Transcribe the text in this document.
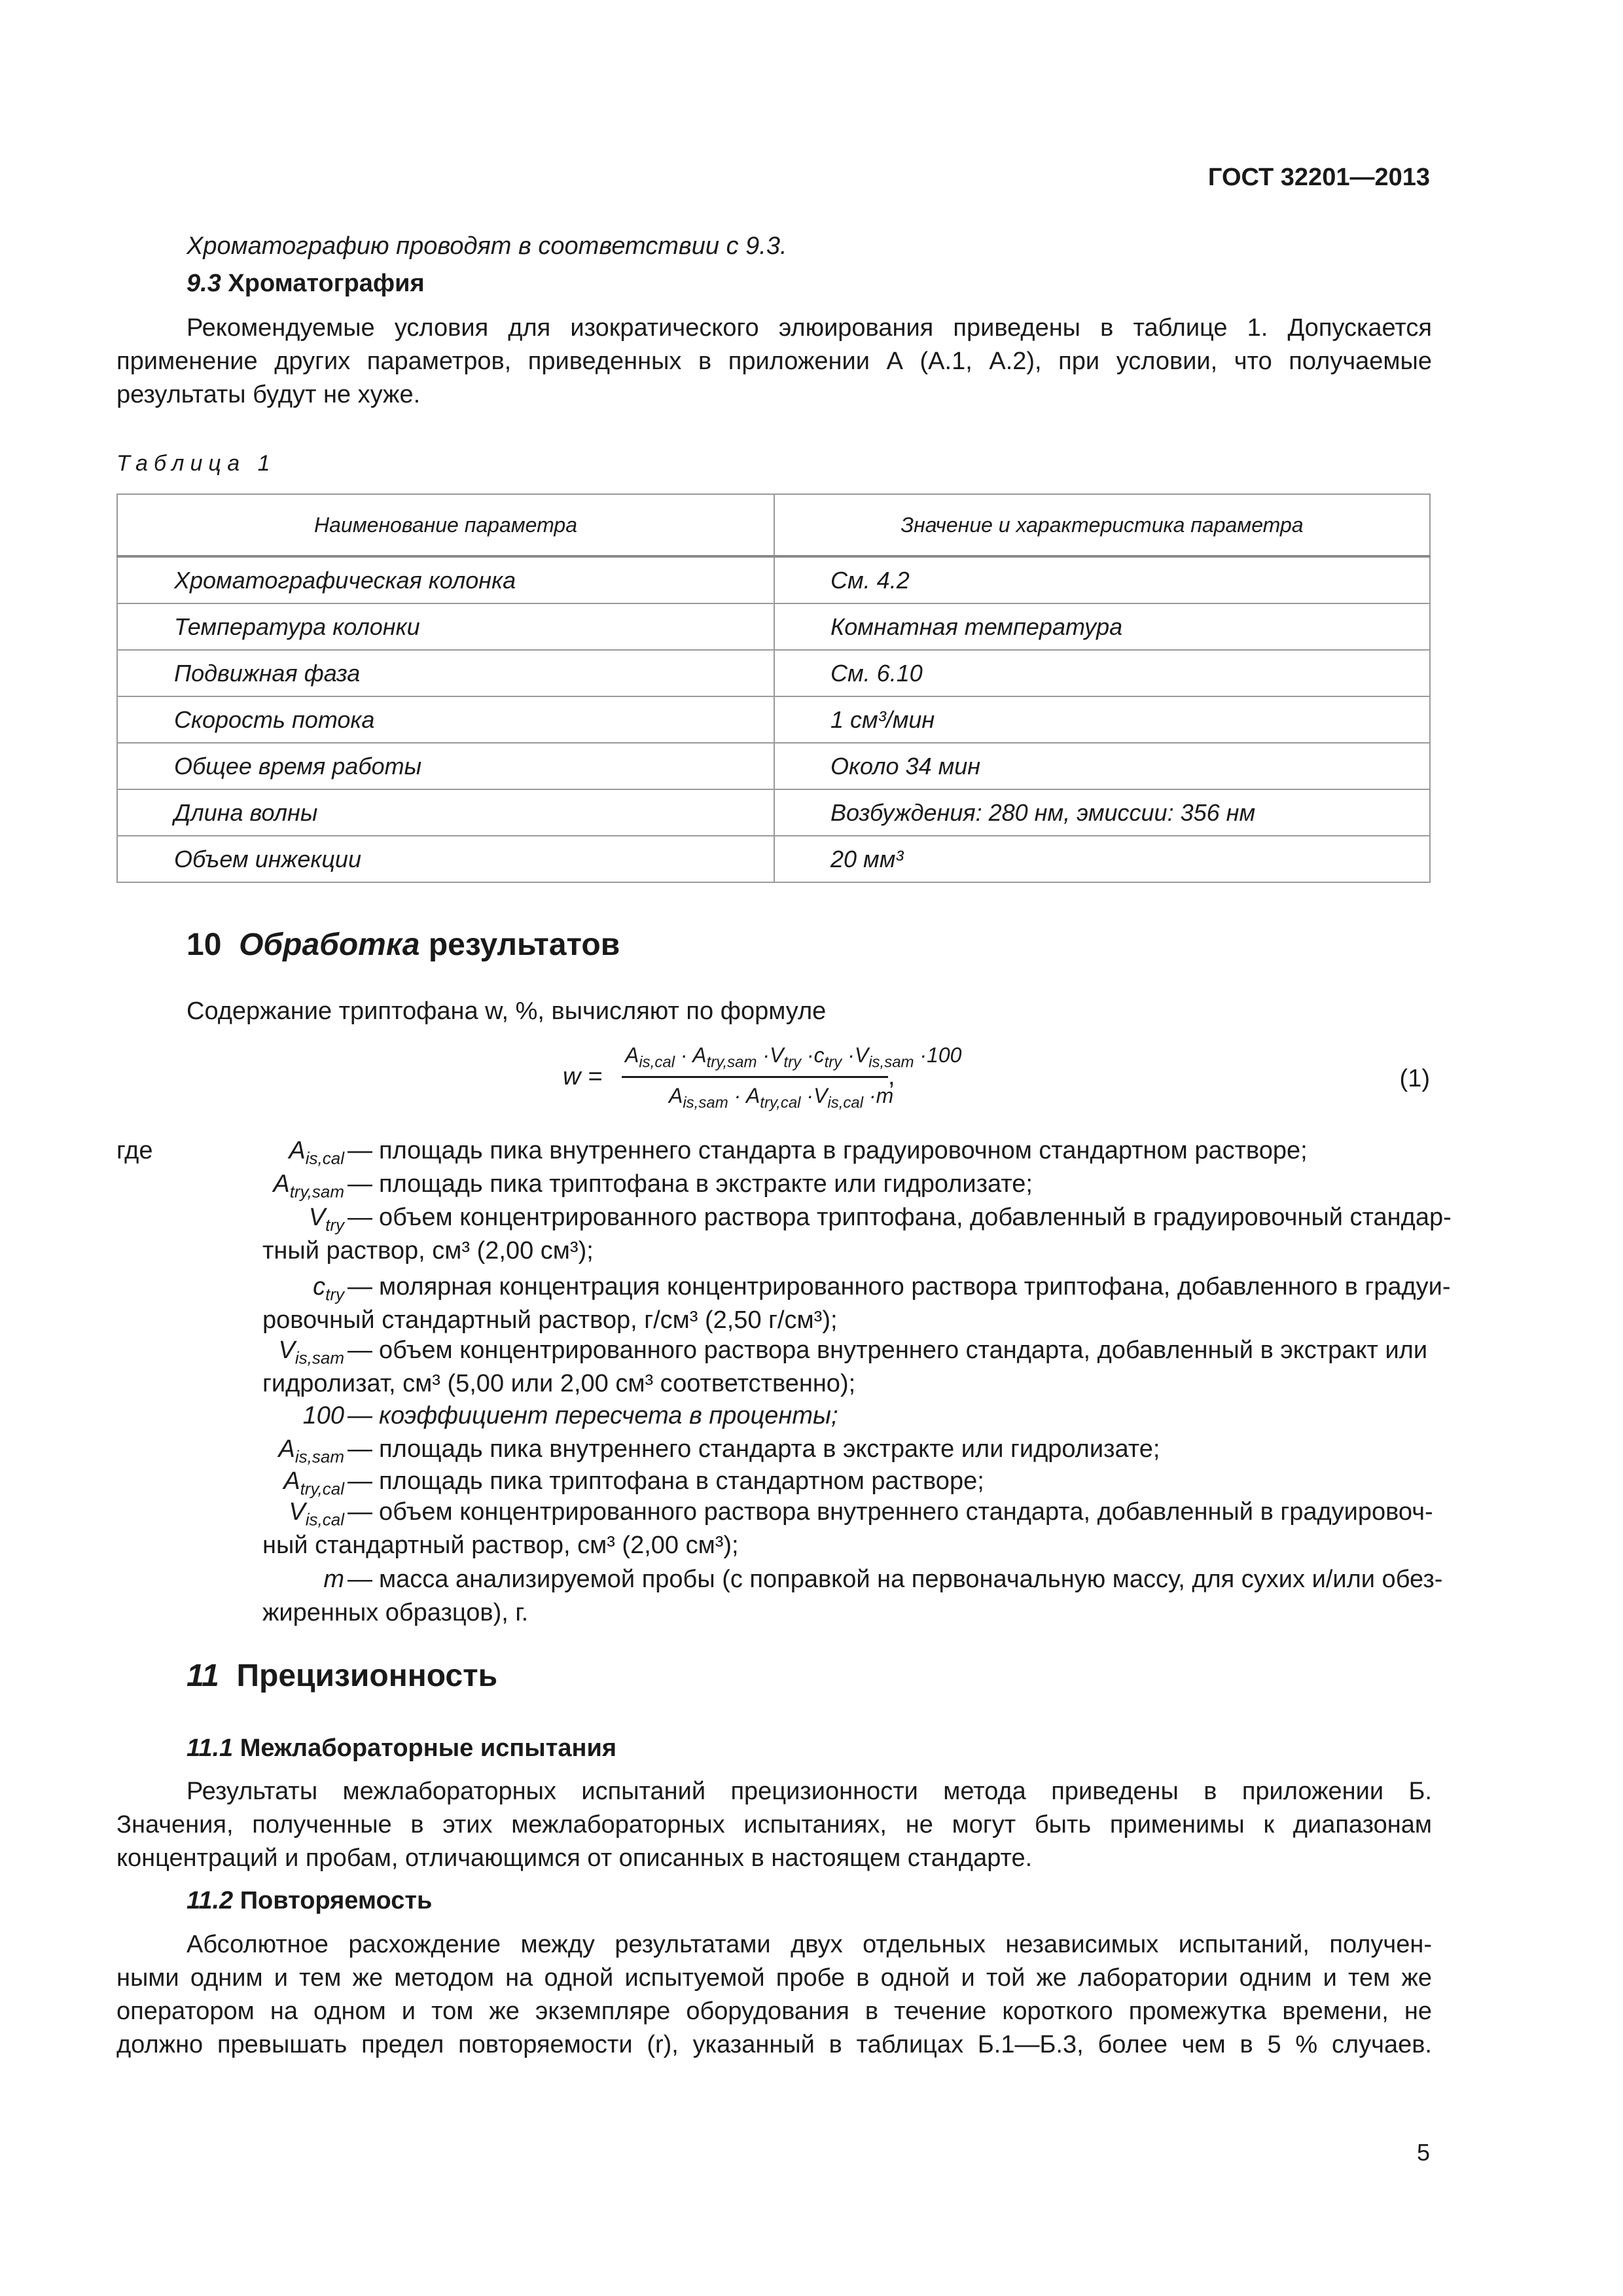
ГОСТ 32201—2013
Хроматографию проводят в соответствии с 9.3.
9.3 Хроматография
Рекомендуемые условия для изократического элюирования приведены в таблице 1. Допускается
применение других параметров, приведенных в приложении А (А.1, А.2), при условии, что получаемые
результаты будут не хуже.
Таблица 1
Наименование параметра	Значение и характеристика параметра
Хроматографическая колонка	См. 4.2
Температура колонки	Комнатная температура
Подвижная фаза	См. 6.10
Скорость потока	1 см³/мин
Общее время работы	Около 34 мин
Длина волны	Возбуждения: 280 нм, эмиссии: 356 нм
Объем инжекции	20 мм³
10 Обработка результатов
Содержание триптофана w, %, вычисляют по формуле
w =
$A_{is,cal} \cdot A_{try,sam} \cdot V_{try} \cdot c_{try} \cdot V_{is,sam} \cdot 100$
$A_{is,sam} \cdot A_{try,cal} \cdot V_{is,cal} \cdot m$
,	(1)
где	$A_{is,cal}$ — площадь пика внутреннего стандарта в градуировочном стандартном растворе;
$A_{try,sam}$ — площадь пика триптофана в экстракте или гидролизате;
$V_{try}$ — объем концентрированного раствора триптофана, добавленный в градуировочный стандар-
тный раствор, см³ (2,00 см³);
$c_{try}$ — молярная концентрация концентрированного раствора триптофана, добавленного в градуи-
ровочный стандартный раствор, г/см³ (2,50 г/см³);
$V_{is,sam}$ — объем концентрированного раствора внутреннего стандарта, добавленный в экстракт или
гидролизат, см³ (5,00 или 2,00 см³ соответственно);
100 — коэффициент пересчета в проценты;
$A_{is,sam}$ — площадь пика внутреннего стандарта в экстракте или гидролизате;
$A_{try,cal}$ — площадь пика триптофана в стандартном растворе;
$V_{is,cal}$ — объем концентрированного раствора внутреннего стандарта, добавленный в градуировоч-
ный стандартный раствор, см³ (2,00 см³);
m — масса анализируемой пробы (с поправкой на первоначальную массу, для сухих и/или обез-
жиренных образцов), г.
11 Прецизионность
11.1 Межлабораторные испытания
Результаты межлабораторных испытаний прецизионности метода приведены в приложении Б.
Значения, полученные в этих межлабораторных испытаниях, не могут быть применимы к диапазонам
концентраций и пробам, отличающимся от описанных в настоящем стандарте.
11.2 Повторяемость
Абсолютное расхождение между результатами двух отдельных независимых испытаний, получен-
ными одним и тем же методом на одной испытуемой пробе в одной и той же лаборатории одним и тем же
оператором на одном и том же экземпляре оборудования в течение короткого промежутка времени, не
должно превышать предел повторяемости (r), указанный в таблицах Б.1—Б.3, более чем в 5 % случаев.
5
